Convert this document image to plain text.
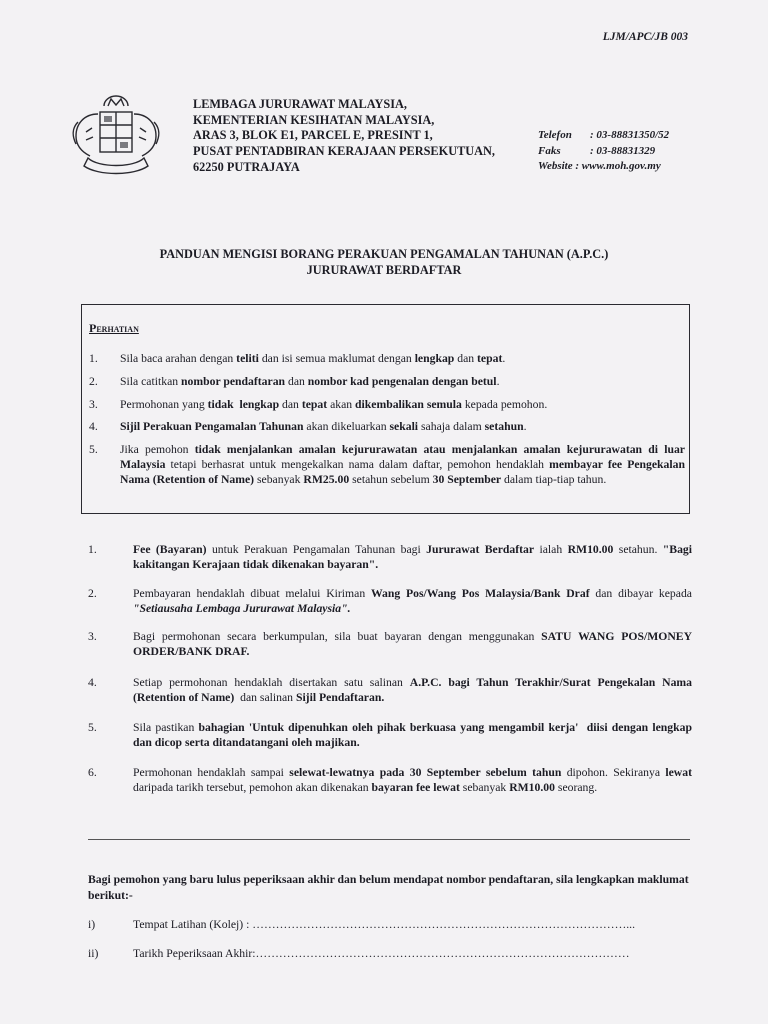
LJM/APC/JB 003
LEMBAGA JURURAWAT MALAYSIA,
KEMENTERIAN KESIHATAN MALAYSIA,
ARAS 3, BLOK E1, PARCEL E, PRESINT 1,
PUSAT PENTADBIRAN KERAJAAN PERSEKUTUAN,
62250 PUTRAJAYA
Telefon	: 03-88831350/52
Faks	: 03-88831329
Website : www.moh.gov.my
PANDUAN MENGISI BORANG PERAKUAN PENGAMALAN TAHUNAN (A.P.C.)
JURURAWAT BERDAFTAR
Perhatian
1.	Sila baca arahan dengan teliti dan isi semua maklumat dengan lengkap dan tepat.
2.	Sila catitkan nombor pendaftaran dan nombor kad pengenalan dengan betul.
3.	Permohonan yang tidak lengkap dan tepat akan dikembalikan semula kepada pemohon.
4.	Sijil Perakuan Pengamalan Tahunan akan dikeluarkan sekali sahaja dalam setahun.
5.	Jika pemohon tidak menjalankan amalan kejururawatan atau menjalankan amalan kejururawatan di luar Malaysia tetapi berhasrat untuk mengekalkan nama dalam daftar, pemohon hendaklah membayar fee Pengekalan Nama (Retention of Name) sebanyak RM25.00 setahun sebelum 30 September dalam tiap-tiap tahun.
1.	Fee (Bayaran) untuk Perakuan Pengamalan Tahunan bagi Jururawat Berdaftar ialah RM10.00 setahun. "Bagi kakitangan Kerajaan tidak dikenakan bayaran".
2.	Pembayaran hendaklah dibuat melalui Kiriman Wang Pos/Wang Pos Malaysia/Bank Draf dan dibayar kepada "Setiausaha Lembaga Jururawat Malaysia".
3.	Bagi permohonan secara berkumpulan, sila buat bayaran dengan menggunakan SATU WANG POS/MONEY ORDER/BANK DRAF.
4.	Setiap permohonan hendaklah disertakan satu salinan A.P.C. bagi Tahun Terakhir/Surat Pengekalan Nama (Retention of Name)  dan salinan Sijil Pendaftaran.
5.	Sila pastikan bahagian 'Untuk dipenuhkan oleh pihak berkuasa yang mengambil kerja' diisi dengan lengkap dan dicop serta ditandatangani oleh majikan.
6.	Permohonan hendaklah sampai selewat-lewatnya pada 30 September sebelum tahun dipohon. Sekiranya lewat daripada tarikh tersebut, pemohon akan dikenakan bayaran fee lewat sebanyak RM10.00 seorang.
Bagi pemohon yang baru lulus peperiksaan akhir dan belum mendapat nombor pendaftaran, sila lengkapkan maklumat berikut:-
i)	Tempat Latihan (Kolej) : ……………………………………………………………………………………...
ii)	Tarikh Peperiksaan Akhir:……………………………………………………………………………………
